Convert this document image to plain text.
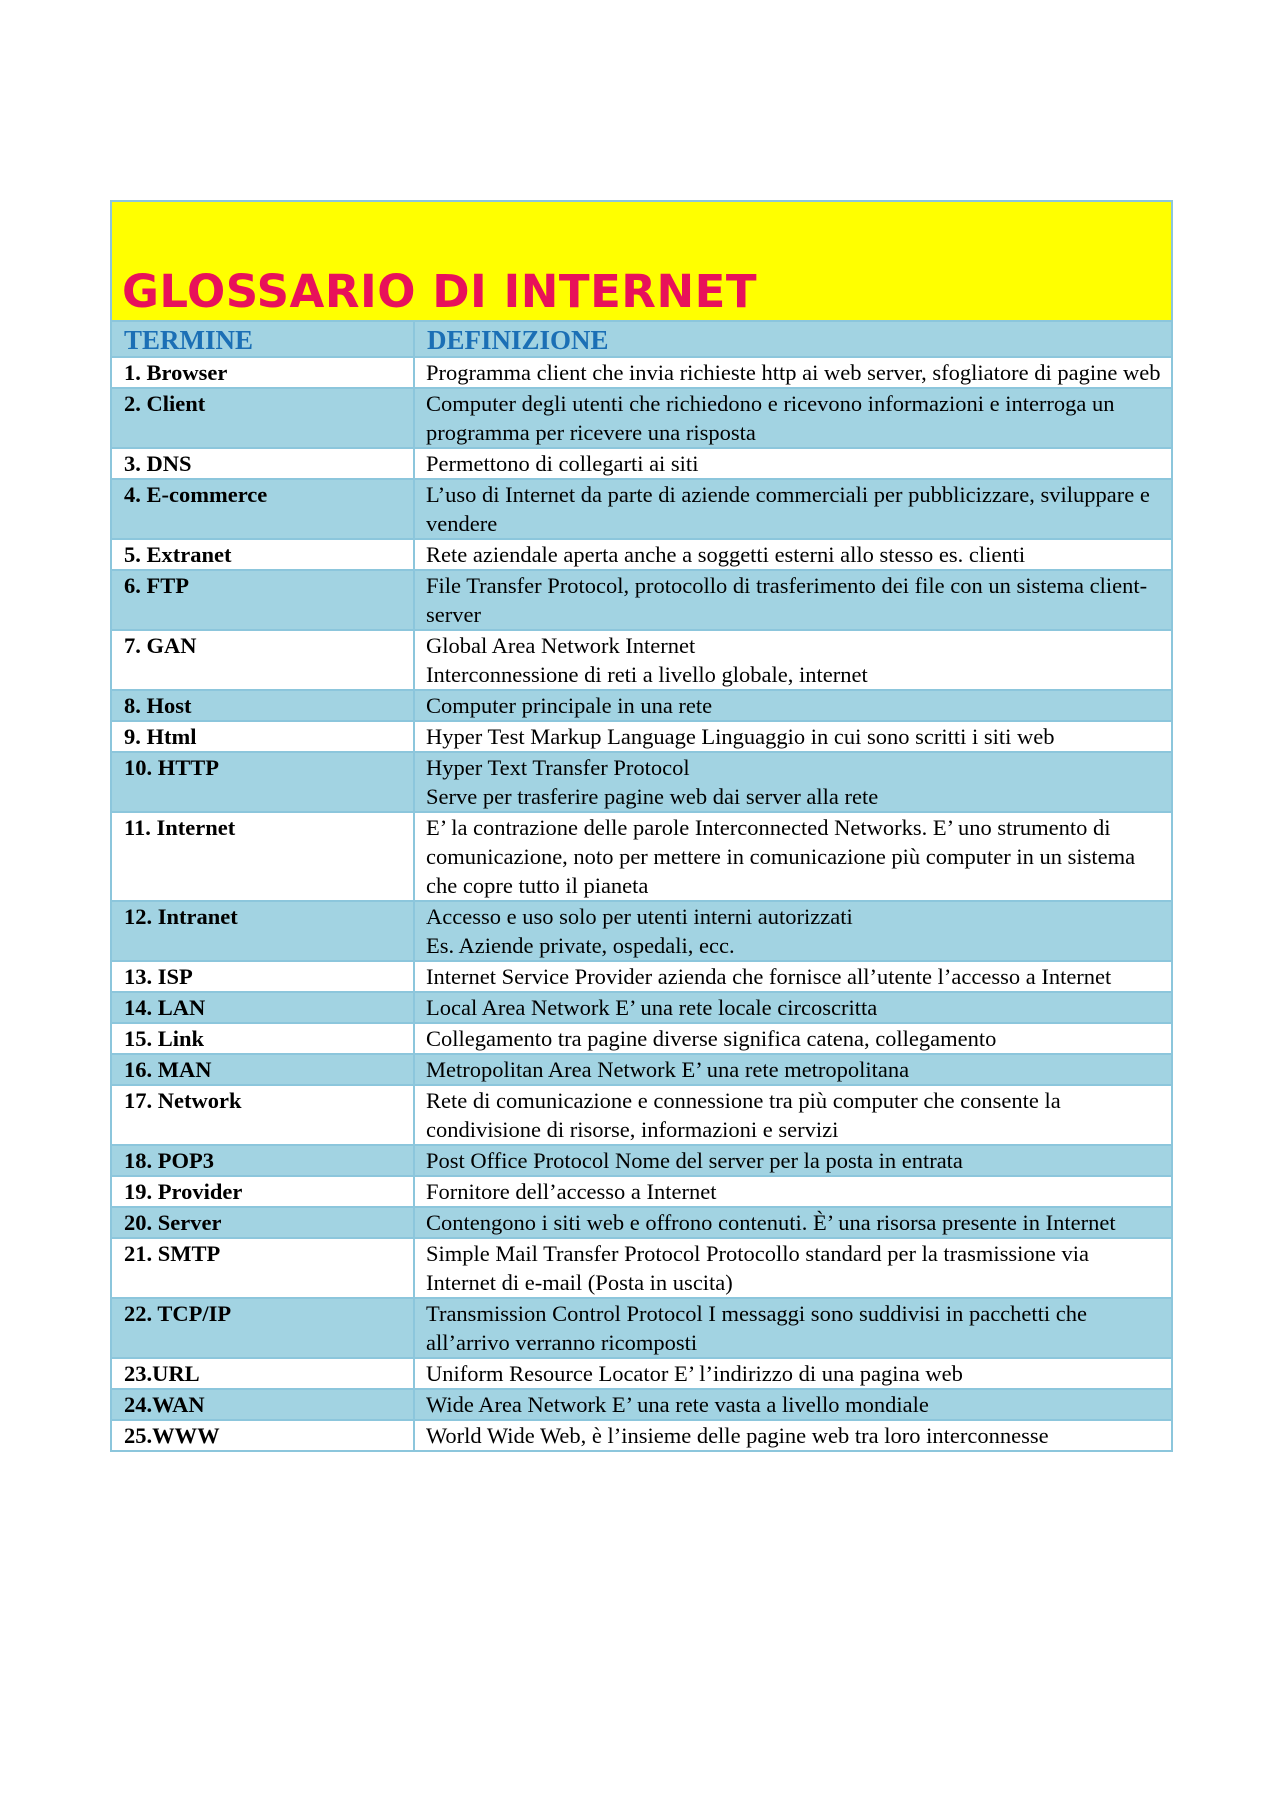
GLOSSARIO DI INTERNET	
TERMINE	DEFINIZIONE
1. Browser	Programma client che invia richieste http ai web server, sfogliatore di pagine web

2. Client	Computer degli utenti che richiedono e ricevono informazioni e interroga un programma per ricevere una risposta

3. DNS	Permettono di collegarti ai siti

4. E-commerce	L’uso di Internet da parte di aziende commerciali per pubblicizzare, sviluppare e vendere

5. Extranet	Rete aziendale aperta anche a soggetti esterni allo stesso es. clienti

6. FTP	File Transfer Protocol, protocollo di trasferimento dei file con un sistema client-server

7. GAN	Global Area Network Internet
Interconnessione di reti a livello globale, internet

8. Host	Computer principale in una rete

9. Html	Hyper Test Markup Language Linguaggio in cui sono scritti i siti web

10. HTTP	Hyper Text Transfer Protocol
Serve per trasferire pagine web dai server alla rete

11. Internet	E’ la contrazione delle parole Interconnected Networks. E’ uno strumento di comunicazione, noto per mettere in comunicazione più computer in un sistema che copre tutto il pianeta

12. Intranet	Accesso e uso solo per utenti interni autorizzati
Es. Aziende private, ospedali, ecc.

13. ISP	Internet Service Provider azienda che fornisce all’utente l’accesso a Internet

14. LAN	Local Area Network E’ una rete locale circoscritta

15. Link	Collegamento tra pagine diverse significa catena, collegamento

16. MAN	Metropolitan Area Network E’ una rete metropolitana

17. Network	Rete di comunicazione e connessione tra più computer che consente la condivisione di risorse, informazioni e servizi

18. POP3	Post Office Protocol Nome del server per la posta in entrata

19. Provider	Fornitore dell’accesso a Internet

20. Server	Contengono i siti web e offrono contenuti. È’ una risorsa presente in Internet

21. SMTP	Simple Mail Transfer Protocol Protocollo standard per la trasmissione via Internet di e-mail (Posta in uscita)

22. TCP/IP	Transmission Control Protocol I messaggi sono suddivisi in pacchetti che all’arrivo verranno ricomposti

23.URL	Uniform Resource Locator E’ l’indirizzo di una pagina web

24.WAN	Wide Area Network E’ una rete vasta a livello mondiale

25.WWW	World Wide Web, è l’insieme delle pagine web tra loro interconnesse
